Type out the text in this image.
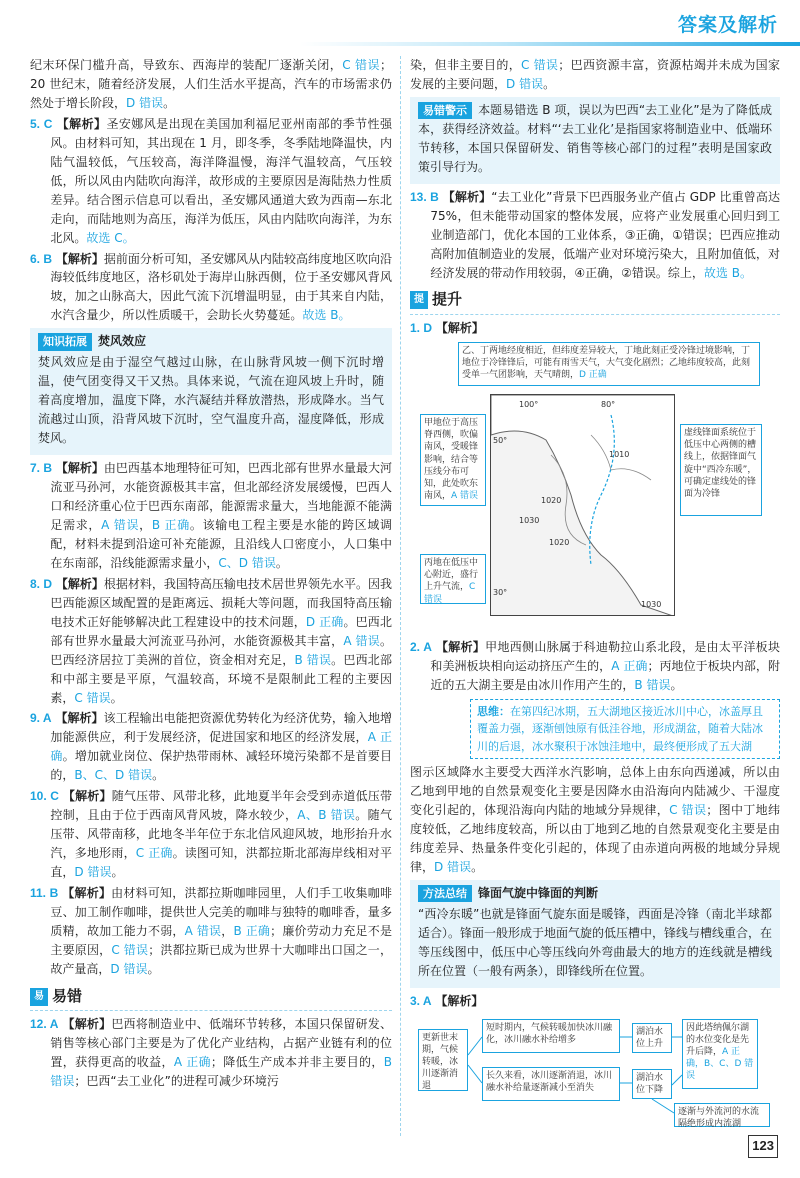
答案及解析

纪末环保门槛升高，导致东、西海岸的装配厂逐渐关闭，C 错误；20 世纪末，随着经济发展，人们生活水平提高，汽车的市场需求仍然处于增长阶段，D 错误。

5. C 【解析】圣安娜风是出现在美国加利福尼亚州南部的季节性强风。由材料可知，其出现在 1 月，即冬季，冬季陆地降温快，内陆气温较低，气压较高，海洋降温慢，海洋气温较高，气压较低，所以风由内陆吹向海洋，故形成的主要原因是海陆热力性质差异。结合图示信息可以看出，圣安娜风通道大致为西南—东北走向，而陆地则为高压，海洋为低压，风由内陆吹向海洋，为东北风。故选 C。

6. B 【解析】据前面分析可知，圣安娜风从内陆较高纬度地区吹向沿海较低纬度地区，洛杉矶处于海岸山脉西侧，位于圣安娜风背风坡，加之山脉高大，因此气流下沉增温明显，由于其来自内陆，水汽含量少，所以性质暖干，会助长火势蔓延。故选 B。

知识拓展 焚风效应

焚风效应是由于湿空气越过山脉，在山脉背风坡一侧下沉时增温，使气团变得又干又热。具体来说，气流在迎风坡上升时，随着高度增加，温度下降，水汽凝结并释放潜热，形成降水。当气流越过山顶，沿背风坡下沉时，空气温度升高，湿度降低，形成焚风。

7. B 【解析】由巴西基本地理特征可知，巴西北部有世界水量最大河流亚马孙河，水能资源极其丰富，但北部经济发展缓慢，巴西人口和经济重心位于巴西东南部，能源需求量大，当地能源不能满足需求，A 错误，B 正确。该输电工程主要是水能的跨区域调配，材料未提到沿途可补充能源，且沿线人口密度小，人口集中在东南部，沿线能源需求量小，C、D 错误。

8. D 【解析】根据材料，我国特高压输电技术居世界领先水平。因我巴西能源区域配置的是距离远、损耗大等问题，而我国特高压输电技术正好能够解决此工程建设中的技术问题，D 正确。巴西北部有世界水量最大河流亚马孙河，水能资源极其丰富，A 错误。巴西经济居拉丁美洲的首位，资金相对充足，B 错误。巴西北部和中部主要是平原，气温较高，环境不是限制此工程的主要因素，C 错误。

9. A 【解析】该工程输出电能把资源优势转化为经济优势，输入地增加能源供应，利于发展经济，促进国家和地区的经济发展，A 正确。增加就业岗位、保护热带雨林、减轻环境污染都不是首要目的，B、C、D 错误。

10. C 【解析】随气压带、风带北移，此地夏半年会受到赤道低压带控制，且由于位于西南风背风坡，降水较少，A、B 错误。随气压带、风带南移，此地冬半年位于东北信风迎风坡，地形抬升水汽，多地形雨，C 正确。读图可知，洪都拉斯北部海岸线相对平直，D 错误。

11. B 【解析】由材料可知，洪都拉斯咖啡园里，人们手工收集咖啡豆、加工制作咖啡，提供世人完美的咖啡与独特的咖啡香，量多质精，故加工能力不弱，A 错误，B 正确；廉价劳动力充足不是主要原因，C 错误；洪都拉斯已成为世界十大咖啡出口国之一，故产量高，D 错误。

易 易错

12. A 【解析】巴西将制造业中、低端环节转移，本国只保留研发、销售等核心部门主要是为了优化产业结构，占据产业链有利的位置，获得更高的收益，A 正确；降低生产成本并非主要目的，B 错误；巴西“去工业化”的进程可减少环境污

染，但非主要目的，C 错误；巴西资源丰富，资源枯竭并未成为国家发展的主要问题，D 错误。

易错警示 本题易错选 B 项，误以为巴西“去工业化”是为了降低成本，获得经济效益。材料“‘去工业化’是指国家将制造业中、低端环节转移，本国只保留研发、销售等核心部门的过程”表明是国家政策引导行为。

13. B 【解析】“去工业化”背景下巴西服务业产值占 GDP 比重曾高达 75%，但未能带动国家的整体发展，应将产业发展重心回归到工业制造部门，优化本国的工业体系，③正确，①错误；巴西应推动高附加值制造业的发展，低端产业对环境污染大，且附加值低，对经济发展的带动作用较弱，④正确，②错误。综上，故选 B。

提 提升

1. D 【解析】

乙、丁两地经度相近，但纬度差异较大，丁地此刻正受冷锋过境影响，丁地位于冷锋锋后，可能有雨雪天气，大气变化剧烈；乙地纬度较高，此刻受单一气团影响，天气晴朗，D 正确
100°	80°
50°
30°
1010
1020
1030
1020
1030
甲地位于高压脊西侧，吹偏南风，受暖锋影响，结合等压线分布可知，此处吹东南风，A 错误
丙地在低压中心附近，盛行上升气流，C 错误
虚线锋面系统位于低压中心两侧的槽线上，依据锋面气旋中“西冷东暖”，可确定虚线处的锋面为冷锋

2. A 【解析】甲地西侧山脉属于科迪勒拉山系北段，是由太平洋板块和美洲板块相向运动挤压产生的，A 正确；丙地位于板块内部，附近的五大湖主要是由冰川作用产生的，B 错误。

思维：在第四纪冰期，五大湖地区接近冰川中心，冰盖厚且覆盖力强，逐渐刨蚀原有低洼谷地，形成湖盆，随着大陆冰川的后退，冰水聚积于冰蚀洼地中，最终便形成了五大湖

图示区域降水主要受大西洋水汽影响，总体上由东向西递减，所以由乙地到甲地的自然景观变化主要是因降水由沿海向内陆减少、干湿度变化引起的，体现沿海向内陆的地域分异规律，C 错误；图中丁地纬度较低，乙地纬度较高，所以由丁地到乙地的自然景观变化主要是由纬度差异、热量条件变化引起的，体现了由赤道向两极的地域分异规律，D 错误。

方法总结 锋面气旋中锋面的判断

“西冷东暖”也就是锋面气旋东面是暖锋，西面是冷锋（南北半球都适合）。锋面一般形成于地面气旋的低压槽中，锋线与槽线重合，在等压线图中，低压中心等压线向外弯曲最大的地方的连线就是槽线所在位置（一般有两条），即锋线所在位置。

3. A 【解析】

更新世末期，气候转暖，冰川逐渐消退
短时期内，气候转暖加快冰川融化，冰川融水补给增多
长久来看，冰川逐渐消退，冰川融水补给量逐渐减小至消失
湖泊水位上升
湖泊水位下降
因此塔纳佩尔湖的水位变化是先升后降，A 正确，B、C、D 错误
逐渐与外流河的水流隔绝形成内流湖
123
